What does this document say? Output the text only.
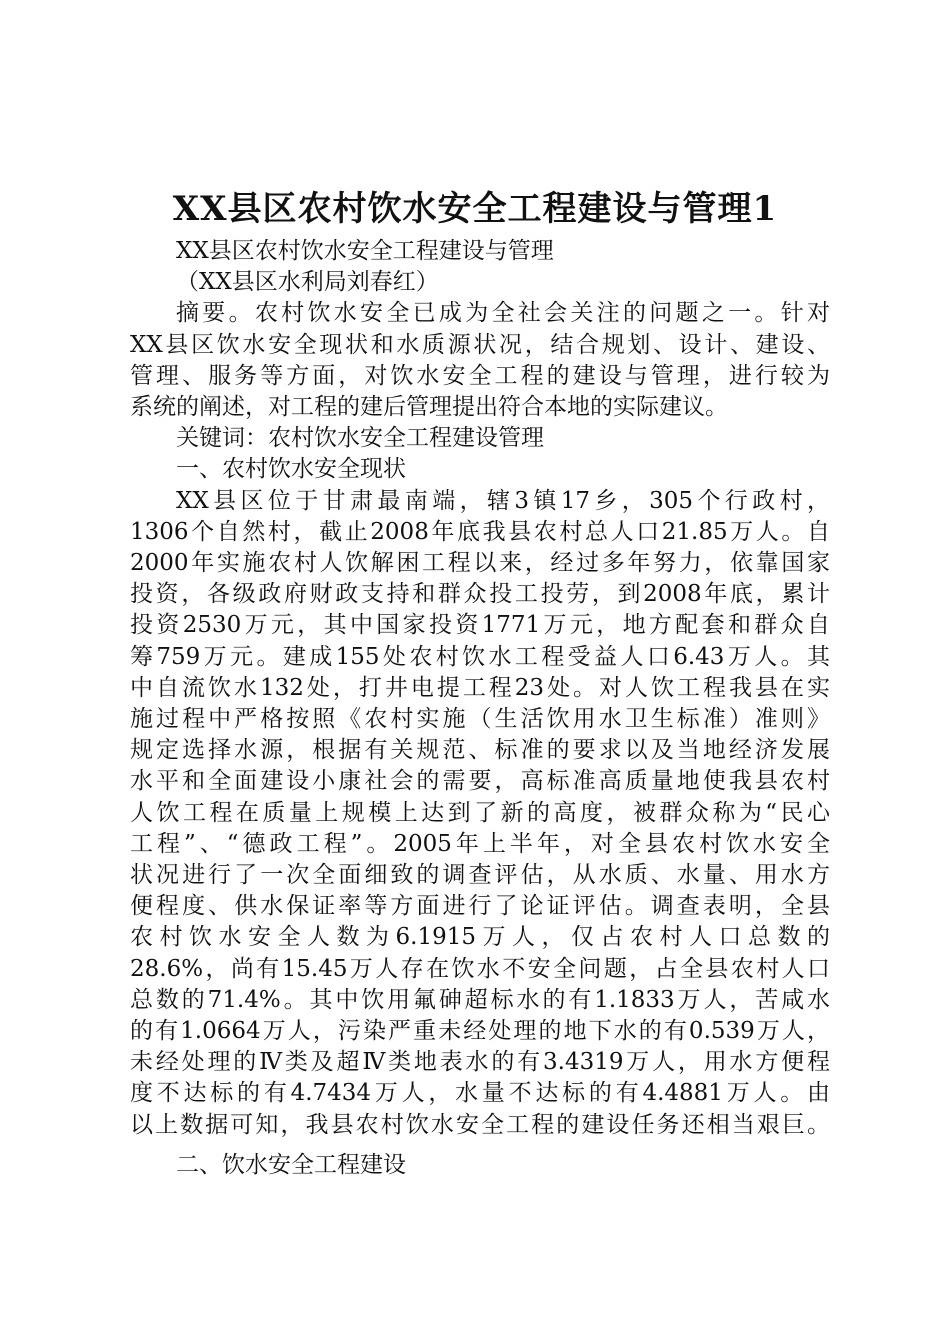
XX县区农村饮水安全工程建设与管理1
XX县区农村饮水安全工程建设与管理
（XX县区水利局刘春红）
摘要。农村饮水安全已成为全社会关注的问题之一。针对
XX县区饮水安全现状和水质源状况，结合规划、设计、建设、
管理、服务等方面，对饮水安全工程的建设与管理，进行较为
系统的阐述，对工程的建后管理提出符合本地的实际建议。
关键词：农村饮水安全工程建设管理
一、农村饮水安全现状
XX县区位于甘肃最南端，辖3镇17乡，305个行政村，
1306个自然村，截止2008年底我县农村总人口21.85万人。自
2000年实施农村人饮解困工程以来，经过多年努力，依靠国家
投资，各级政府财政支持和群众投工投劳，到2008年底，累计
投资2530万元，其中国家投资1771万元，地方配套和群众自
筹759万元。建成155处农村饮水工程受益人口6.43万人。其
中自流饮水132处，打井电提工程23处。对人饮工程我县在实
施过程中严格按照《农村实施（生活饮用水卫生标准）准则》
规定选择水源，根据有关规范、标准的要求以及当地经济发展
水平和全面建设小康社会的需要，高标准高质量地使我县农村
人饮工程在质量上规模上达到了新的高度，被群众称为“民心
工程”、“德政工程”。2005年上半年，对全县农村饮水安全
状况进行了一次全面细致的调查评估，从水质、水量、用水方
便程度、供水保证率等方面进行了论证评估。调查表明，全县
农村饮水安全人数为6.1915万人，仅占农村人口总数的
28.6%，尚有15.45万人存在饮水不安全问题，占全县农村人口
总数的71.4%。其中饮用氟砷超标水的有1.1833万人，苦咸水
的有1.0664万人，污染严重未经处理的地下水的有0.539万人，
未经处理的Ⅳ类及超Ⅳ类地表水的有3.4319万人，用水方便程
度不达标的有4.7434万人，水量不达标的有4.4881万人。由
以上数据可知，我县农村饮水安全工程的建设任务还相当艰巨。
二、饮水安全工程建设
